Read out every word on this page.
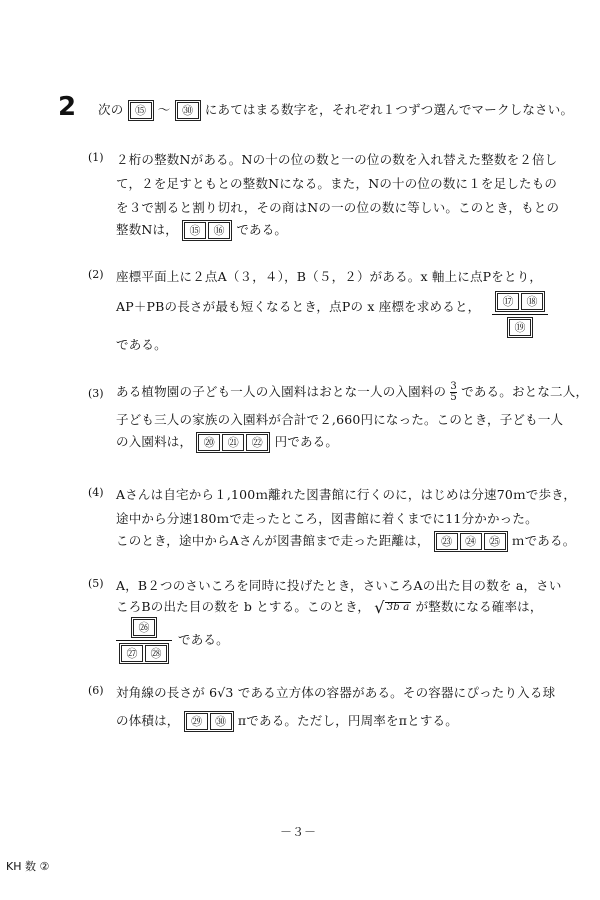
2 次の	⑮ 〜	㉚ にあてはまる数字を，それぞれ１つずつ選んでマークしなさい。
(1) ２桁の整数Nがある。Nの十の位の数と一の位の数を入れ替えた整数を２倍し
て，２を足すともとの整数Nになる。また，Nの十の位の数に１を足したもの
を３で割ると割り切れ，その商はNの一の位の数に等しい。このとき，もとの
整数Nは，	⑮	⑯ である。
(2) 座標平面上に２点A（３，４），B（５，２）がある。x 軸上に点Pをとり，
AP＋PBの長さが最も短くなるとき，点Pの x 座標を求めると，	⑰	⑱
⑲
である。
(3) ある植物園の子ども一人の入園料はおとな一人の入園料の $\frac{3}{5}$ である。おとな二人，
子ども三人の家族の入園料が合計で２,660円になった。このとき，子ども一人
の入園料は，	⑳	㉑	㉒ 円である。
(4) Aさんは自宅から１,100ｍ離れた図書館に行くのに，はじめは分速70ｍで歩き，
途中から分速180ｍで走ったところ，図書館に着くまでに11分かかった。
このとき，途中からAさんが図書館まで走った距離は，	㉓	㉔	㉕ ｍである。
(5) A，B２つのさいころを同時に投げたとき，さいころAの出た目の数を a，さい
ころBの出た目の数を b とする。このとき， √ 3b a が整数になる確率は，
㉖
㉗	㉘
である。
(6) 対角線の長さが 6√3 である立方体の容器がある。その容器にぴったり入る球
の体積は，	㉙	㉚ πである。ただし，円周率をπとする。
－３－
KH 数 ②
